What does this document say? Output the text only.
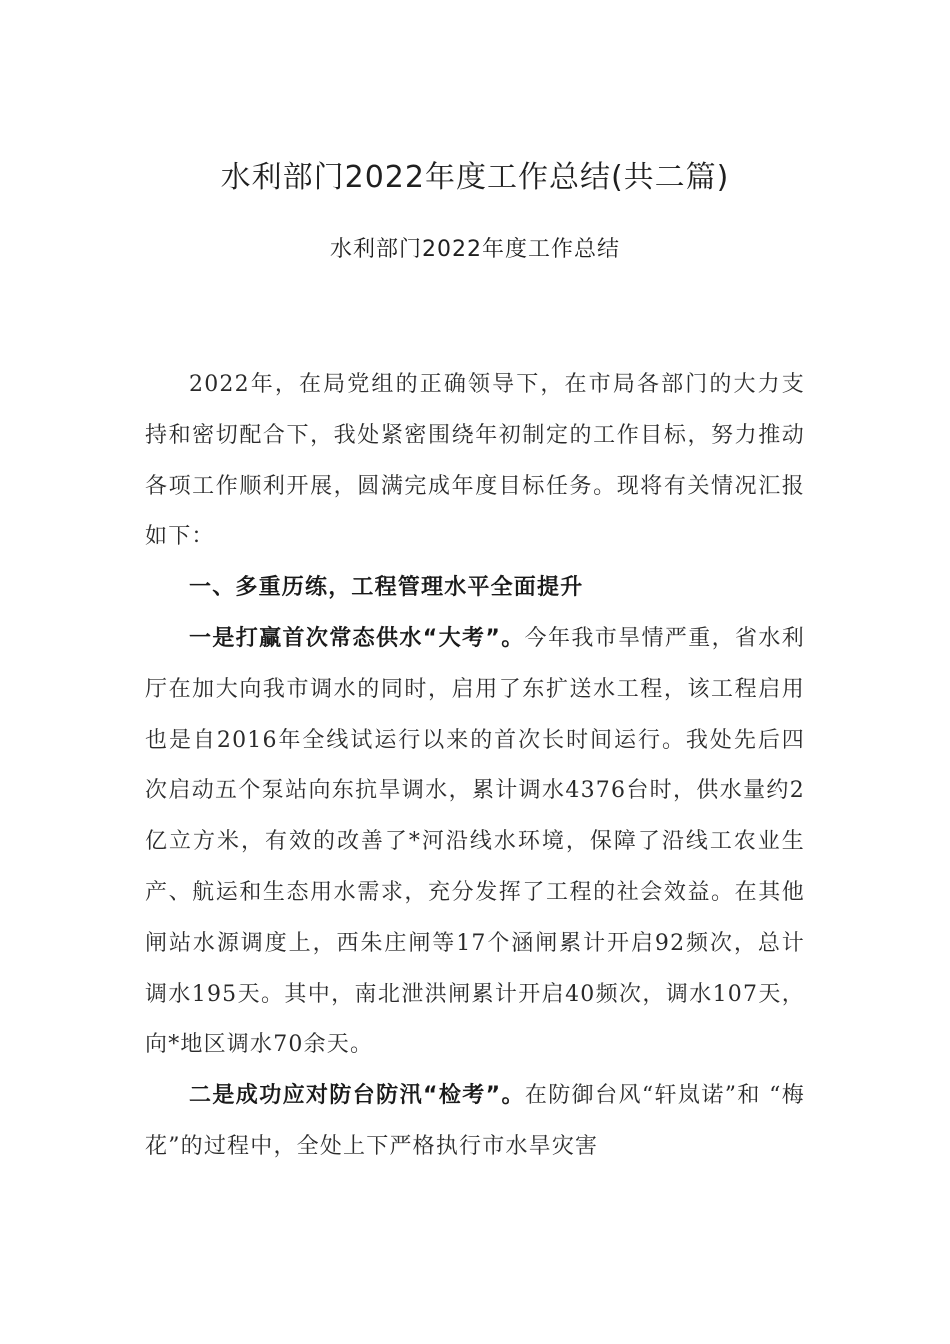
水利部门2022年度工作总结(共二篇)
水利部门2022年度工作总结

2022年，在局党组的正确领导下，在市局各部门的大力支持和密切配合下，我处紧密围绕年初制定的工作目标，努力推动各项工作顺利开展，圆满完成年度目标任务。现将有关情况汇报如下：

一、多重历练，工程管理水平全面提升

一是打赢首次常态供水“大考”。今年我市旱情严重，省水利厅在加大向我市调水的同时，启用了东扩送水工程，该工程启用也是自2016年全线试运行以来的首次长时间运行。我处先后四次启动五个泵站向东抗旱调水，累计调水4376台时，供水量约2亿立方米，有效的改善了*河沿线水环境，保障了沿线工农业生产、航运和生态用水需求，充分发挥了工程的社会效益。在其他闸站水源调度上，西朱庄闸等17个涵闸累计开启92频次，总计调水195天。其中，南北泄洪闸累计开启40频次，调水107天，向*地区调水70余天。

二是成功应对防台防汛“检考”。在防御台风“轩岚诺”和 “梅花”的过程中，全处上下严格执行市水旱灾害
